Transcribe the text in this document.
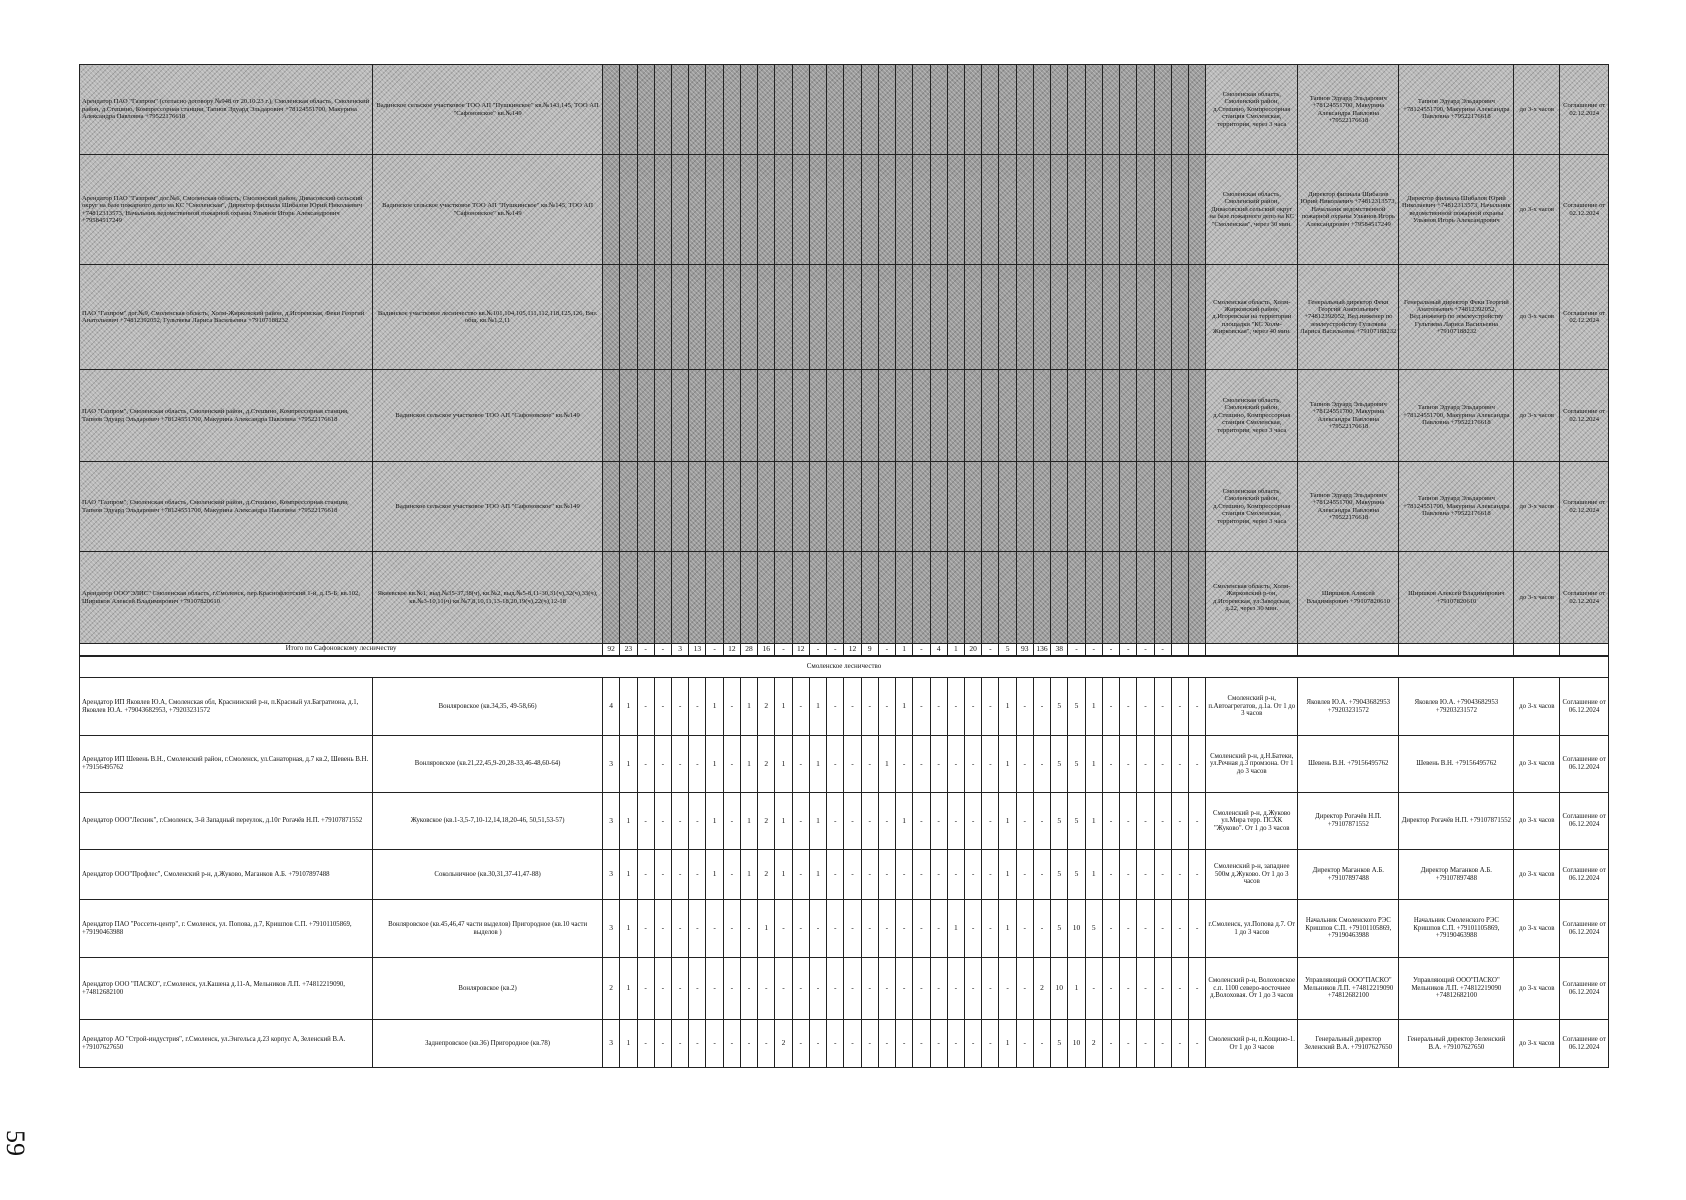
Арендатор ПАО "Газпром" (согласно договору №948 от 20.10.23 г.), Смоленская область, Смоленский район, д.Стешино, Компрессорная станция, Тапнов Эдуард Эльдарович +78124551700, Макурина Александра Павловна +79522176618	Вадинское сельское участковое ТОО АП "Пушкинское" кв.№143,145, ТОО АП "Сафоновское" кв.№149																																				Смоленская область, Смоленский район, д.Стешино, Компрессорная станция Смоленская, территория, через 3 часа	Тапнов Эдуард Эльдарович +78124551700, Макурина Александра Павловна +79522176618	Тапнов Эдуард Эльдарович +78124551700, Макурина Александра Павловна +79522176618	до 3-х часов	Соглашение от 02.12.2024
Арендатор ПАО "Газпром" дог.№6, Смоленская область, Смоленский район, Дивасовский сельский округ на базе пожарного депо на КС "Смоленская", Директор филиала Шибалов Юрий Николаевич +74812313573, Начальник ведомственной пожарной охраны Ульянов Игорь Александрович +79584517249	Вадинское сельское участковое ТОО АП "Пушкинское" кв.№145, ТОО АП "Сафоновское" кв.№149																																				Смоленская область, Смоленский район, Дивасовский сельский округ на базе пожарного депо на КС "Смоленская", через 30 мин.	Директор филиала Шибалов Юрий Николаевич +74812313573, Начальник ведомственной пожарной охраны Ульянов Игорь Александрович +79584517249	Директор филиала Шибалов Юрий Николаевич +74812313573, Начальник ведомственной пожарной охраны Ульянов Игорь Александрович	до 3-х часов	Соглашение от 02.12.2024
ПАО "Газпром" дог.№9, Смоленская область, Холм-Жирковский район, д.Игоревская, Феки Георгий Анатольевич +74812392052, Гультяева Лариса Васильевна +79107188232	Вадинское участковое лесничество кв.№101,104,105,111,112,118,125,126, Вяз. общ. кв.№1,2,11																																				Смоленская область, Холм-Жирковский район, д.Игоревская на территории площадки "КС Холм-Жирковская", через 40 мин.	Генеральный директор Феки Георгий Анатольевич +74812392052, Вед.инженер по землеустройству Гультяева Лариса Васильевна +79107188232	Генеральный директор Феки Георгий Анатольевич +74812392052, Вед.инженер по землеустройству Гультяева Лариса Васильевна +79107188232	до 3-х часов	Соглашение от 02.12.2024
ПАО "Газпром", Смоленская область, Смоленский район, д.Стешино, Компрессорная станция, Тапнов Эдуард Эльдарович +78124551700, Макурина Александра Павловна +79522176618	Вадинское сельское участковое ТОО АП "Сафоновское" кв.№149																																				Смоленская область, Смоленский район, д.Стешино, Компрессорная станция Смоленская, территория, через 3 часа	Тапнов Эдуард Эльдарович +78124551700, Макурина Александра Павловна +79522176618	Тапнов Эдуард Эльдарович +78124551700, Макурина Александра Павловна +79522176618	до 3-х часов	Соглашение от 02.12.2024
ПАО "Газпром", Смоленская область, Смоленский район, д.Стешино, Компрессорная станция, Тапнов Эдуард Эльдарович +78124551700, Макурина Александра Павловна +79522176618	Вадинское сельское участковое ТОО АП "Сафоновское" кв.№149																																				Смоленская область, Смоленский район, д.Стешино, Компрессорная станция Смоленская, территория, через 3 часа	Тапнов Эдуард Эльдарович +78124551700, Макурина Александра Павловна +79522176618	Тапнов Эдуард Эльдарович +78124551700, Макурина Александра Павловна +79522176618	до 3-х часов	Соглашение от 02.12.2024
Арендатор ООО"ЭЛИС" Смоленская область, г.Смоленск, пер.Краснофлотский 1-й, д.15-Б, кв.102, Ширшков Алексей Владимирович +79107820610	Якиевское кв.№1, выд.№35-37,38(ч), кв.№2, выд.№5-8,11-30,31(ч),32(ч),33(ч), кв.№3-10,11(ч) кв.№7,8,10,11,13-18,20,19(ч),22(ч),12-18																																				Смоленская область, Холм-Жирковский р-он, д.Игоревская, ул.Заводская, д.22, через 30 мин.	Ширшков Алексей Владимирович +79107820610	Ширшков Алексей Владимирович +79107820610	до 3-х часов	Соглашение от 02.12.2024
Итого по Сафоновскому лесничеству		92	23	-	-	3	13	-	12	28	16	-	12	-	-	12	9	-	1	-	4	1	20	-	5	93	136	38	-	-	-	-	-	-							
Смоленское лесничество																																									
Арендатор ИП Яковлев Ю.А, Смоленская обл, Краснинский р-н, п.Красный ул.Багратиона, д.1, Яковлев Ю.А. +79043682953, +79203231572	Вонляровское (кв.34,35, 49-58,66)	4	1	-	-	-	-	1	-	1	2	1	-	1	-	-	-	-	1	-	-	-	-	-	1	-	-	5	5	1	-	-	-	-	-	-	Смоленский р-н, п.Автоагрегатов, д.1а. От 1 до 3 часов	Яковлев Ю.А. +79043682953 +79203231572	Яковлев Ю.А. +79043682953 +79203231572	до 3-х часов	Соглашение от 06.12.2024
Арендатор ИП Шевень В.Н., Смоленский район, г.Смоленск, ул.Санаторная, д.7 кв.2, Шевень В.Н. +79156495762	Вонляровское (кв.21,22,45,9-20,28-33,46-48,60-64)	3	1	-	-	-	-	1	-	1	2	1	-	1	-	-	-	1	-	-	-	-	-	-	1	-	-	5	5	1	-	-	-	-	-	-	Смоленский р-н, д.Н.Батеки, ул.Речная д.3 промзона. От 1 до 3 часов	Шевень В.Н. +79156495762	Шевень В.Н. +79156495762	до 3-х часов	Соглашение от 06.12.2024
Арендатор ООО"Лесник", г.Смоленск, 3-й Западный переулок, д.10г Рогачёв Н.П. +79107871552	Жуковское (кв.1-3,5-7,10-12,14,18,20-46, 50,51,53-57)	3	1	-	-	-	-	1	-	1	2	1	-	1	-	-	-	-	1	-	-	-	-	-	1	-	-	5	5	1	-	-	-	-	-	-	Смоленский р-н, д.Жуково ул.Мира терр. ПСХК "Жуково". От 1 до 3 часов	Директор Рогачёв Н.П. +79107871552	Директор Рогачёв Н.П. +79107871552	до 3-х часов	Соглашение от 06.12.2024
Арендатор ООО"Профлес", Смоленский р-н, д.Жуково, Маганков А.Б. +79107897488	Сокольничное (кв.30,31,37-41,47-88)	3	1	-	-	-	-	1	-	1	2	1	-	1	-	-	-	-	-	-	-	-	-	-	1	-	-	5	5	1	-	-	-	-	-	-	Смоленский р-н, западнее 500м д.Жуково. От 1 до 3 часов	Директор Маганков А.Б. +79107897488	Директор Маганков А.Б. +79107897488	до 3-х часов	Соглашение от 06.12.2024
Арендатор ПАО "Россети-центр", г. Смоленск, ул. Попова, д.7, Кришпов С.П. +79101105869, +79190463988	Вонляровское (кв.45,46,47 части выделов) Пригородное (кв.10 части выделов )	3	1	-	-	-	-	-	-	-	1	-	-	-	-	-	-	-	-	-	-	1	-	-	1	-	-	5	10	5	-	-	-	-	-	-	г.Смоленск, ул.Попова д.7. От 1 до 3 часов	Начальник Смоленского РЭС Кришпов С.П. +79101105869, +79190463988	Начальник Смоленского РЭС Кришпов С.П. +79101105869, +79190463988	до 3-х часов	Соглашение от 06.12.2024
Арендатор ООО "ПАСКО", г.Смоленск, ул.Кашена д.11-А, Мельников Л.П. +74812219090, +74812682100	Вонляровское (кв.2)	2	1	-	-	-	-	-	-	-	-	-	-	-	-	-	-	-	-	-	-	-	-	-	-	-	2	10	1	-	-	-	-	-	-	-	Смоленский р-н, Волоховское с.п. 1100 северо-восточнее д.Волоховая. От 1 до 3 часов	Управляющий ООО"ПАСКО" Мельников Л.П. +74812219090 +74812682100	Управляющий ООО"ПАСКО" Мельников Л.П. +74812219090 +74812682100	до 3-х часов	Соглашение от 06.12.2024
Арендатор АО "Строй-индустрия", г.Смоленск, ул.Энгельса д.23 корпус А, Зеленский В.А. +79107627650	Заднепровское (кв.36) Пригородное (кв.78)	3	1	-	-	-	-	-	-	-	-	2	-	-	-	-	-	-	-	-	-	-	-	-	1	-	-	5	10	2	-	-	-	-	-	-	Смоленский р-н, п.Кощино-1. От 1 до 3 часов	Генеральный директор Зеленский В.А. +79107627650	Генеральный директор Зеленский В.А. +79107627650	до 3-х часов	Соглашение от 06.12.2024
59
